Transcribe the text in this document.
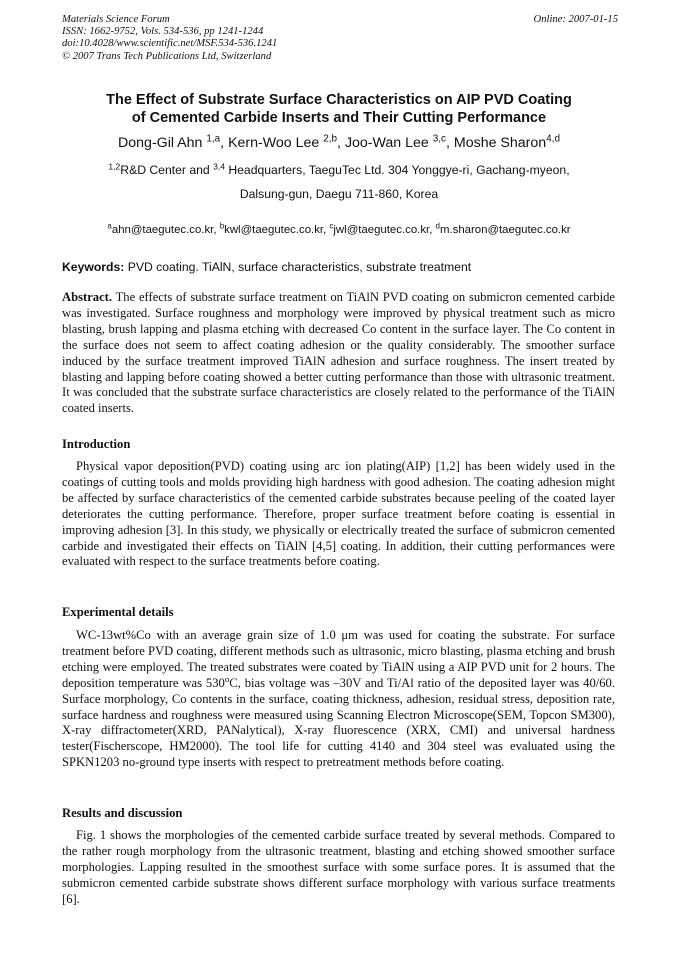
Materials Science Forum
ISSN: 1662-9752, Vols. 534-536, pp 1241-1244
doi:10.4028/www.scientific.net/MSF.534-536.1241
© 2007 Trans Tech Publications Ltd, Switzerland
Online: 2007-01-15
The Effect of Substrate Surface Characteristics on AIP PVD Coating
of Cemented Carbide Inserts and Their Cutting Performance
Dong-Gil Ahn $^{1,a}$, Kern-Woo Lee $^{2,b}$, Joo-Wan Lee $^{3,c}$, Moshe Sharon$^{4,d}$
$^{1,2}$R&D Center and $^{3,4}$ Headquarters, TaeguTec Ltd. 304 Yonggye-ri, Gachang-myeon,
Dalsung-gun, Daegu 711-860, Korea
$^a$ahn@taegutec.co.kr, $^b$kwl@taegutec.co.kr, $^c$jwl@taegutec.co.kr, $^d$m.sharon@taegutec.co.kr
Keywords: PVD coating. TiAlN, surface characteristics, substrate treatment

Abstract. The effects of substrate surface treatment on TiAlN PVD coating on submicron cemented carbide was investigated. Surface roughness and morphology were improved by physical treatment such as micro blasting, brush lapping and plasma etching with decreased Co content in the surface layer. The Co content in the surface does not seem to affect coating adhesion or the quality considerably. The smoother surface induced by the surface treatment improved TiAlN adhesion and surface roughness. The insert treated by blasting and lapping before coating showed a better cutting performance than those with ultrasonic treatment. It was concluded that the substrate surface characteristics are closely related to the performance of the TiAlN coated inserts.

Introduction

Physical vapor deposition(PVD) coating using arc ion plating(AIP) [1,2] has been widely used in the coatings of cutting tools and molds providing high hardness with good adhesion. The coating adhesion might be affected by surface characteristics of the cemented carbide substrates because peeling of the coated layer deteriorates the cutting performance. Therefore, proper surface treatment before coating is essential in improving adhesion [3]. In this study, we physically or electrically treated the surface of submicron cemented carbide and investigated their effects on TiAlN [4,5] coating. In addition, their cutting performances were evaluated with respect to the surface treatments before coating.

Experimental details

WC-13wt%Co with an average grain size of 1.0 μm was used for coating the substrate. For surface treatment before PVD coating, different methods such as ultrasonic, micro blasting, plasma etching and brush etching were employed. The treated substrates were coated by TiAlN using a AIP PVD unit for 2 hours. The deposition temperature was 530$^o$C, bias voltage was –30V and Ti/Al ratio of the deposited layer was 40/60. Surface morphology, Co contents in the surface, coating thickness, adhesion, residual stress, deposition rate, surface hardness and roughness were measured using Scanning Electron Microscope(SEM, Topcon SM300), X-ray diffractometer(XRD, PANalytical), X-ray fluorescence (XRX, CMI) and universal hardness tester(Fischerscope, HM2000). The tool life for cutting 4140 and 304 steel was evaluated using the SPKN1203 no-ground type inserts with respect to pretreatment methods before coating.

Results and discussion

Fig. 1 shows the morphologies of the cemented carbide surface treated by several methods. Compared to the rather rough morphology from the ultrasonic treatment, blasting and etching showed smoother surface morphologies. Lapping resulted in the smoothest surface with some surface pores. It is assumed that the submicron cemented carbide substrate shows different surface morphology with various surface treatments [6].
